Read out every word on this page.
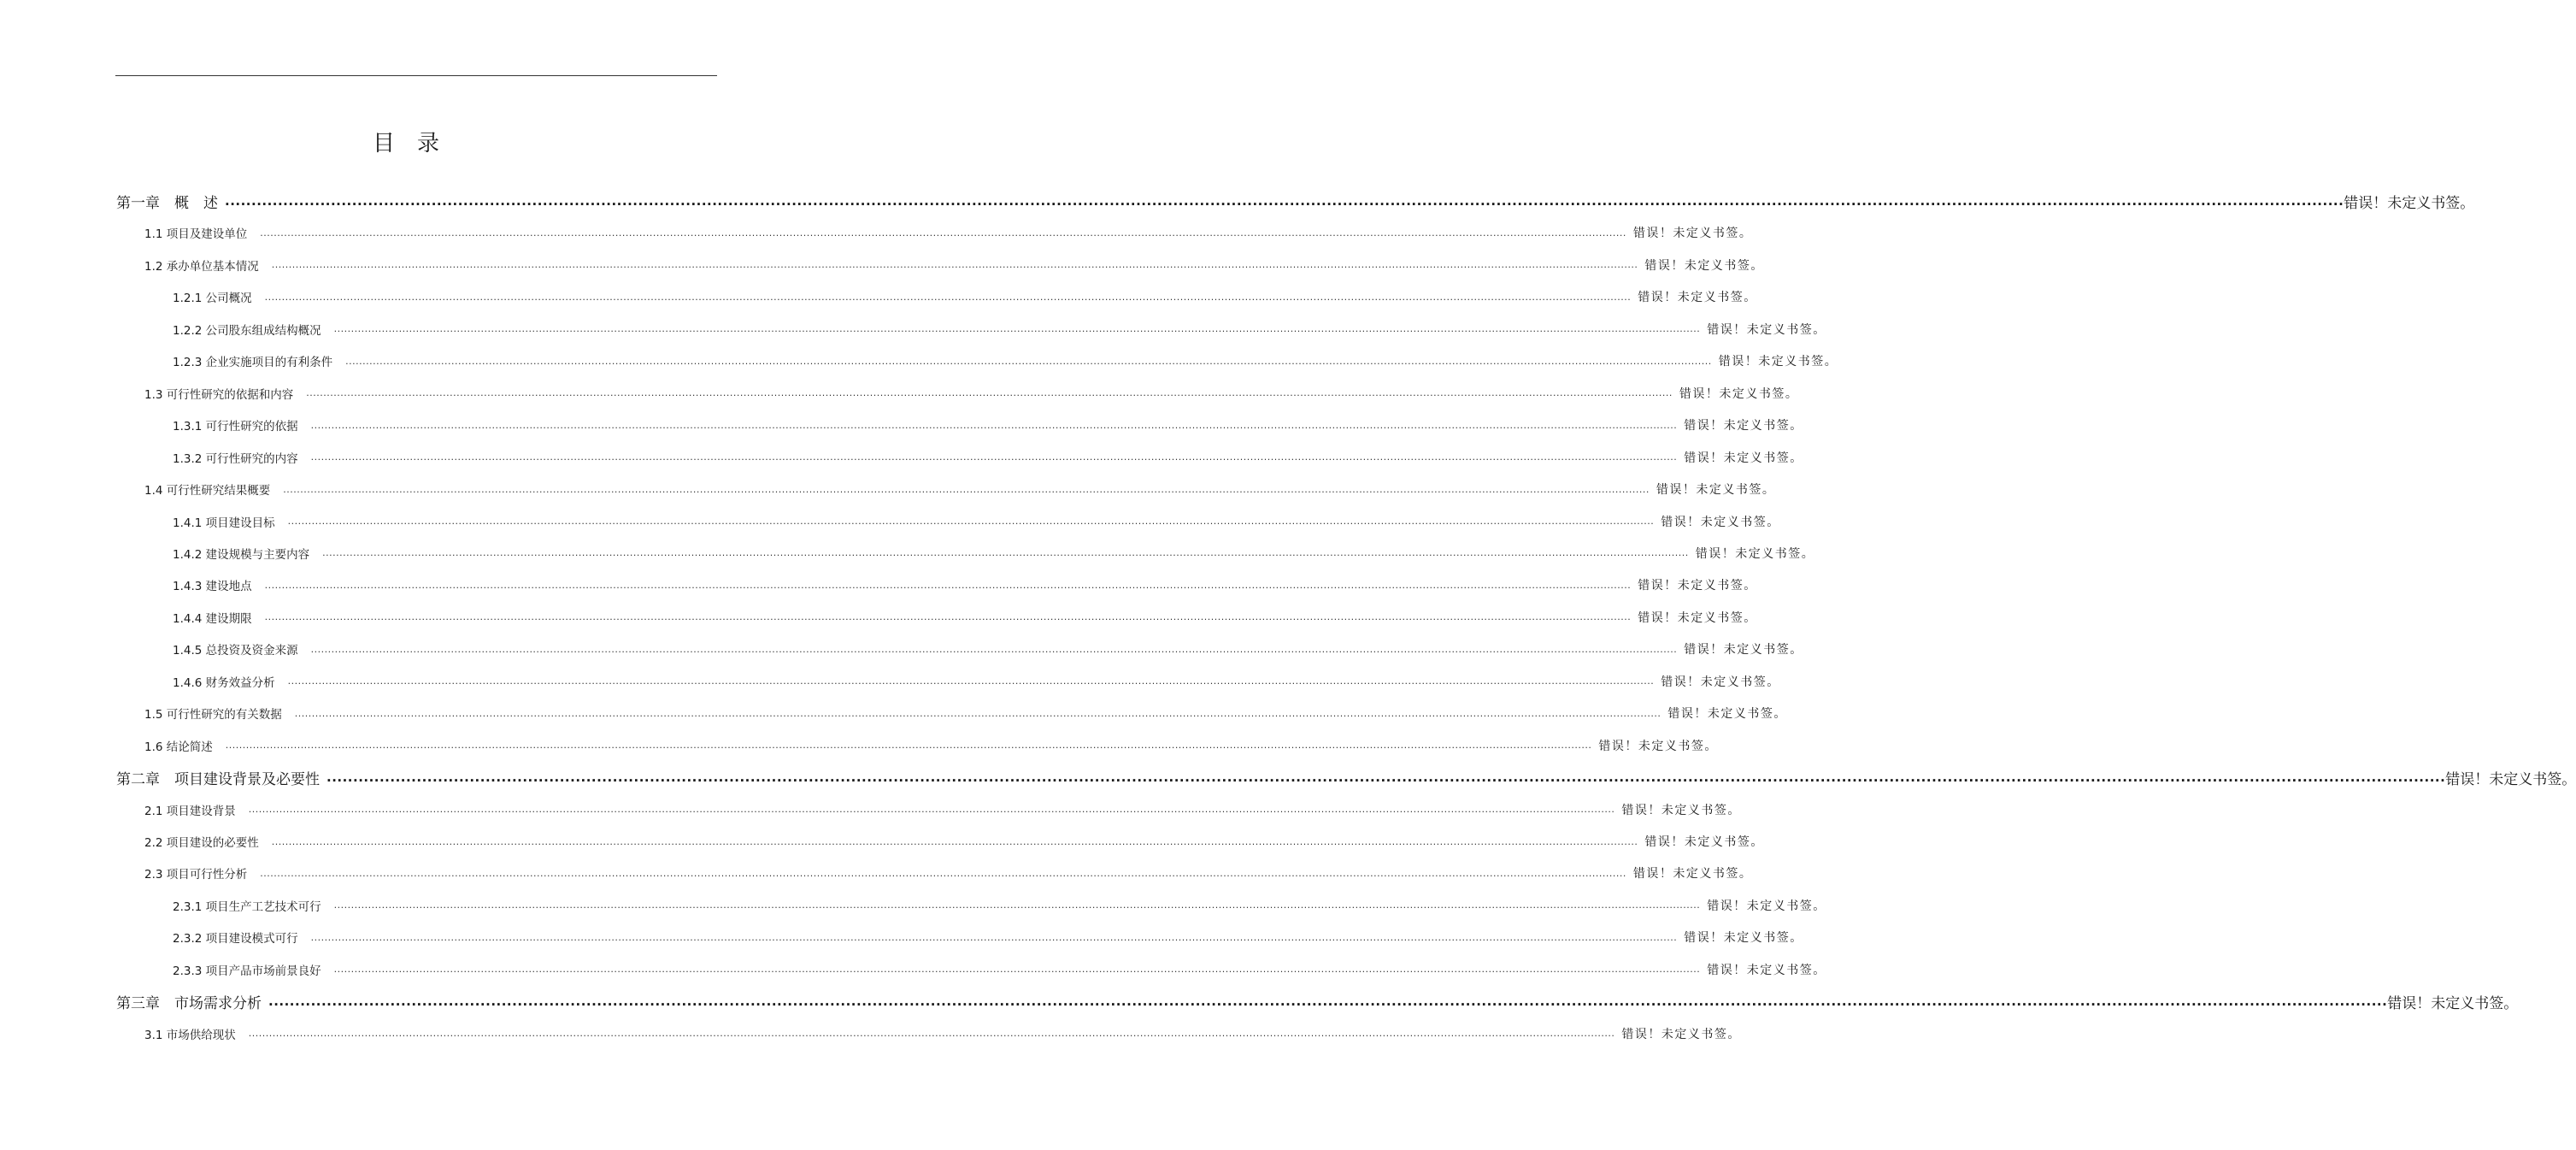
目　录
第一章　概　述 ................................................................................................................................................................................................................................................................................................................................................................................................................ 错误！未定义书签。
1.1 项目及建设单位 ................................................................................................................................................................................................................................................................................................................................................................................................................ 错误！未定义书签。
1.2 承办单位基本情况 ................................................................................................................................................................................................................................................................................................................................................................................................................ 错误！未定义书签。
1.2.1 公司概况 ................................................................................................................................................................................................................................................................................................................................................................................................................ 错误！未定义书签。
1.2.2 公司股东组成结构概况 ................................................................................................................................................................................................................................................................................................................................................................................................................ 错误！未定义书签。
1.2.3 企业实施项目的有利条件 ................................................................................................................................................................................................................................................................................................................................................................................................................ 错误！未定义书签。
1.3 可行性研究的依据和内容 ................................................................................................................................................................................................................................................................................................................................................................................................................ 错误！未定义书签。
1.3.1 可行性研究的依据 ................................................................................................................................................................................................................................................................................................................................................................................................................ 错误！未定义书签。
1.3.2 可行性研究的内容 ................................................................................................................................................................................................................................................................................................................................................................................................................ 错误！未定义书签。
1.4 可行性研究结果概要 ................................................................................................................................................................................................................................................................................................................................................................................................................ 错误！未定义书签。
1.4.1 项目建设目标 ................................................................................................................................................................................................................................................................................................................................................................................................................ 错误！未定义书签。
1.4.2 建设规模与主要内容 ................................................................................................................................................................................................................................................................................................................................................................................................................ 错误！未定义书签。
1.4.3 建设地点 ................................................................................................................................................................................................................................................................................................................................................................................................................ 错误！未定义书签。
1.4.4 建设期限 ................................................................................................................................................................................................................................................................................................................................................................................................................ 错误！未定义书签。
1.4.5 总投资及资金来源 ................................................................................................................................................................................................................................................................................................................................................................................................................ 错误！未定义书签。
1.4.6 财务效益分析 ................................................................................................................................................................................................................................................................................................................................................................................................................ 错误！未定义书签。
1.5 可行性研究的有关数据 ................................................................................................................................................................................................................................................................................................................................................................................................................ 错误！未定义书签。
1.6 结论简述 ................................................................................................................................................................................................................................................................................................................................................................................................................ 错误！未定义书签。
第二章　项目建设背景及必要性 ................................................................................................................................................................................................................................................................................................................................................................................................................ 错误！未定义书签。
2.1 项目建设背景 ................................................................................................................................................................................................................................................................................................................................................................................................................ 错误！未定义书签。
2.2 项目建设的必要性 ................................................................................................................................................................................................................................................................................................................................................................................................................ 错误！未定义书签。
2.3 项目可行性分析 ................................................................................................................................................................................................................................................................................................................................................................................................................ 错误！未定义书签。
2.3.1 项目生产工艺技术可行 ................................................................................................................................................................................................................................................................................................................................................................................................................ 错误！未定义书签。
2.3.2 项目建设模式可行 ................................................................................................................................................................................................................................................................................................................................................................................................................ 错误！未定义书签。
2.3.3 项目产品市场前景良好 ................................................................................................................................................................................................................................................................................................................................................................................................................ 错误！未定义书签。
第三章　市场需求分析 ................................................................................................................................................................................................................................................................................................................................................................................................................ 错误！未定义书签。
3.1 市场供给现状 ................................................................................................................................................................................................................................................................................................................................................................................................................ 错误！未定义书签。
